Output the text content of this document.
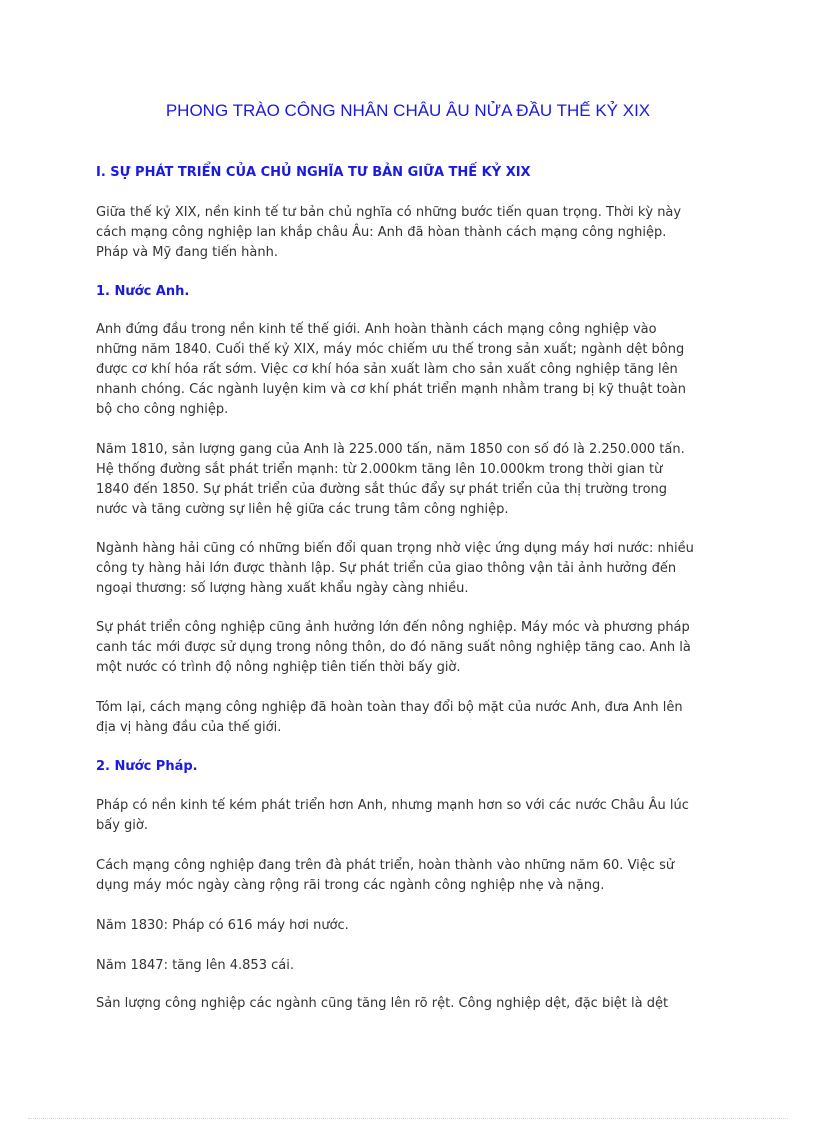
PHONG TRÀO CÔNG NHÂN CHÂU ÂU NỬA ĐẦU THẾ KỶ XIX
I. SỰ PHÁT TRIỂN CỦA CHỦ NGHĨA TƯ BẢN GIỮA THẾ KỶ XIX

Giữa thế kỷ XIX, nền kinh tế tư bản chủ nghĩa có những bước tiến quan trọng. Thời kỳ này
cách mạng công nghiệp lan khắp châu Âu: Anh đã hòan thành cách mạng công nghiệp.
Pháp và Mỹ đang tiến hành.

1. Nước Anh.

Anh đứng đầu trong nền kinh tế thế giới. Anh hoàn thành cách mạng công nghiệp vào
những năm 1840. Cuối thế kỷ XIX, máy móc chiếm ưu thế trong sản xuất; ngành dệt bông
được cơ khí hóa rất sớm. Việc cơ khí hóa sản xuất làm cho sản xuất công nghiệp tăng lên
nhanh chóng. Các ngành luyện kim và cơ khí phát triển mạnh nhằm trang bị kỹ thuật toàn
bộ cho công nghiệp.

Năm 1810, sản lượng gang của Anh là 225.000 tấn, năm 1850 con số đó là 2.250.000 tấn.
Hệ thống đường sắt phát triển mạnh: từ 2.000km tăng lên 10.000km trong thời gian từ
1840 đến 1850. Sự phát triển của đường sắt thúc đẩy sự phát triển của thị trường trong
nước và tăng cường sự liên hệ giữa các trung tâm công nghiệp.

Ngành hàng hải cũng có những biến đổi quan trọng nhờ việc ứng dụng máy hơi nước: nhiều
công ty hàng hải lớn được thành lập. Sự phát triển của giao thông vận tải ảnh hưởng đến
ngoại thương: số lượng hàng xuất khẩu ngày càng nhiều.

Sự phát triển công nghiệp cũng ảnh hưởng lớn đến nông nghiệp. Máy móc và phương pháp
canh tác mới được sử dụng trong nông thôn, do đó năng suất nông nghiệp tăng cao. Anh là
một nước có trình độ nông nghiệp tiên tiến thời bấy giờ.

Tóm lại, cách mạng công nghiệp đã hoàn toàn thay đổi bộ mặt của nước Anh, đưa Anh lên
địa vị hàng đầu của thế giới.

2. Nước Pháp.

Pháp có nền kinh tế kém phát triển hơn Anh, nhưng mạnh hơn so với các nước Châu Âu lúc
bấy giờ.

Cách mạng công nghiệp đang trên đà phát triển, hoàn thành vào những năm 60. Việc sử
dụng máy móc ngày càng rộng rãi trong các ngành công nghiệp nhẹ và nặng.

Năm 1830: Pháp có 616 máy hơi nước.

Năm 1847: tăng lên 4.853 cái.

Sản lượng công nghiệp các ngành cũng tăng lên rõ rệt. Công nghiệp dệt, đặc biệt là dệt
